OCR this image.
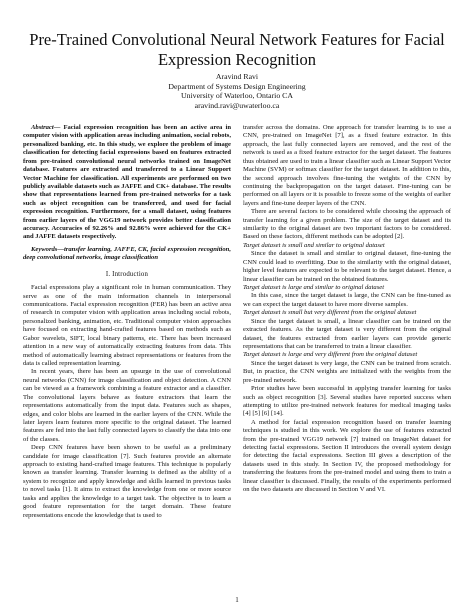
Pre-Trained Convolutional Neural Network Features for Facial Expression Recognition
Aravind Ravi
Department of Systems Design Engineering
University of Waterloo, Ontario CA
aravind.ravi@uwaterloo.ca

Abstract— Facial expression recognition has been an active area in computer vision with application areas including animation, social robots, personalized banking, etc. In this study, we explore the problem of image classification for detecting facial expressions based on features extracted from pre-trained convolutional neural networks trained on ImageNet database. Features are extracted and transferred to a Linear Support Vector Machine for classification. All experiments are performed on two publicly available datasets such as JAFFE and CK+ database. The results show that representations learned from pre-trained networks for a task such as object recognition can be transferred, and used for facial expression recognition. Furthermore, for a small dataset, using features from earlier layers of the VGG19 network provides better classification accuracy. Accuracies of 92.26% and 92.86% were achieved for the CK+ and JAFFE datasets respectively.

Keywords—transfer learning, JAFFE, CK, facial expression recognition, deep convolutional networks, image classification

I. Introduction

Facial expressions play a significant role in human communication. They serve as one of the main information channels in interpersonal communications. Facial expression recognition (FER) has been an active area of research in computer vision with application areas including social robots, personalized banking, animation, etc. Traditional computer vision approaches have focused on extracting hand-crafted features based on methods such as Gabor wavelets, SIFT, local binary patterns, etc. There has been increased attention in a new way of automatically extracting features from data. This method of automatically learning abstract representations or features from the data is called representation learning.

In recent years, there has been an upsurge in the use of convolutional neural networks (CNN) for image classification and object detection. A CNN can be viewed as a framework combining a feature extractor and a classifier. The convolutional layers behave as feature extractors that learn the representations automatically from the input data. Features such as shapes, edges, and color blobs are learned in the earlier layers of the CNN. While the later layers learn features more specific to the original dataset. The learned features are fed into the last fully connected layers to classify the data into one of the classes.

Deep CNN features have been shown to be useful as a preliminary candidate for image classification [7]. Such features provide an alternate approach to existing hand-crafted image features. This technique is popularly known as transfer learning. Transfer learning is defined as the ability of a system to recognize and apply knowledge and skills learned in previous tasks to novel tasks [1]. It aims to extract the knowledge from one or more source tasks and applies the knowledge to a target task. The objective is to learn a good feature representation for the target domain. These feature representations encode the knowledge that is used to

transfer across the domains. One approach for transfer learning is to use a CNN, pre-trained on ImageNet [7], as a fixed feature extractor. In this approach, the last fully connected layers are removed, and the rest of the network is used as a fixed feature extractor for the target dataset. The features thus obtained are used to train a linear classifier such as Linear Support Vector Machine (SVM) or softmax classifier for the target dataset. In addition to this, the second approach involves fine-tuning the weights of the CNN by continuing the backpropagation on the target dataset. Fine-tuning can be performed on all layers or it is possible to freeze some of the weights of earlier layers and fine-tune deeper layers of the CNN.

There are several factors to be considered while choosing the approach of transfer learning for a given problem. The size of the target dataset and its similarity to the original dataset are two important factors to be considered. Based on these factors, different methods can be adopted [2].

Target dataset is small and similar to original dataset

Since the dataset is small and similar to original dataset, fine-tuning the CNN could lead to overfitting. Due to the similarity with the original dataset, higher level features are expected to be relevant to the target dataset. Hence, a linear classifier can be trained on the obtained features.

Target dataset is large and similar to original dataset

In this case, since the target dataset is large, the CNN can be fine-tuned as we can expect the target dataset to have more diverse samples.

Target dataset is small but very different from the original dataset

Since the target dataset is small, a linear classifier can be trained on the extracted features. As the target dataset is very different from the original dataset, the features extracted from earlier layers can provide generic representations that can be transferred to train a linear classifier.

Target dataset is large and very different from the original dataset

Since the target dataset is very large, the CNN can be trained from scratch. But, in practice, the CNN weights are initialized with the weights from the pre-trained network.

Prior studies have been successful in applying transfer learning for tasks such as object recognition [3]. Several studies have reported success when attempting to utilize pre-trained network features for medical imaging tasks [4] [5] [6] [14].

A method for facial expression recognition based on transfer learning techniques is studied in this work. We explore the use of features extracted from the pre-trained VGG19 network [7] trained on ImageNet dataset for detecting facial expressions. Section II introduces the overall system design for detecting the facial expressions. Section III gives a description of the datasets used in this study. In Section IV, the proposed methodology for transferring the features from the pre-trained model and using them to train a linear classifier is discussed. Finally, the results of the experiments performed on the two datasets are discussed in Section V and VI.

1
